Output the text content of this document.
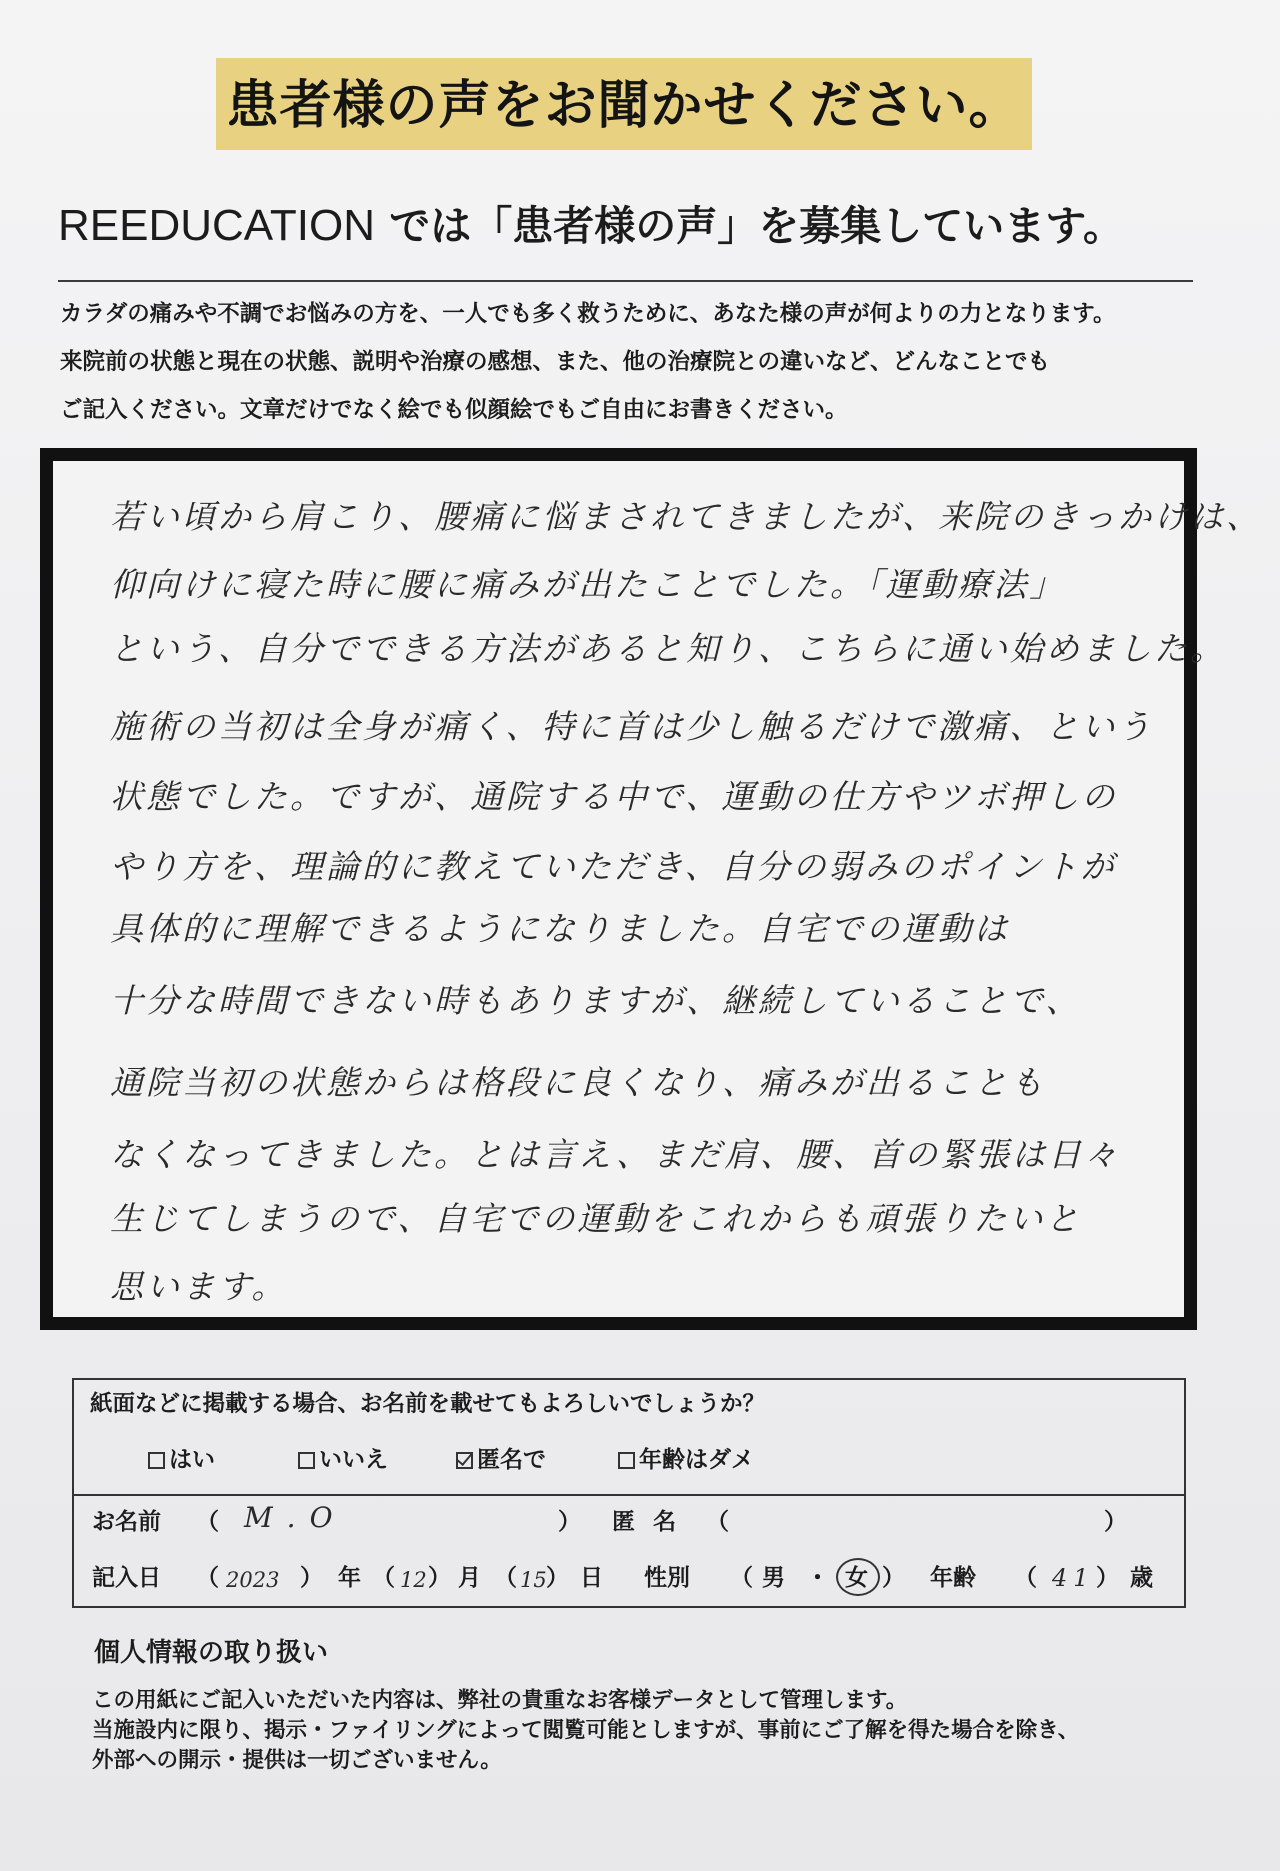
患者様の声をお聞かせください。
REEDUCATION では「患者様の声」を募集しています。
カラダの痛みや不調でお悩みの方を、一人でも多く救うために、あなた様の声が何よりの力となります。
来院前の状態と現在の状態、説明や治療の感想、また、他の治療院との違いなど、どんなことでも
ご記入ください。文章だけでなく絵でも似顔絵でもご自由にお書きください。
若い頃から肩こり、腰痛に悩まされてきましたが、来院のきっかけは、
仰向けに寝た時に腰に痛みが出たことでした。「運動療法」
という、自分でできる方法があると知り、こちらに通い始めました。
施術の当初は全身が痛く、特に首は少し触るだけで激痛、という
状態でした。ですが、通院する中で、運動の仕方やツボ押しの
やり方を、理論的に教えていただき、自分の弱みのポイントが
具体的に理解できるようになりました。自宅での運動は
十分な時間できない時もありますが、継続していることで、
通院当初の状態からは格段に良くなり、痛みが出ることも
なくなってきました。とは言え、まだ肩、腰、首の緊張は日々
生じてしまうので、自宅での運動をこれからも頑張りたいと
思います。
紙面などに掲載する場合、お名前を載せてもよろしいでしょうか？
はい	いいえ	匿名で	年齢はダメ
お名前 （ M.O	） 匿名 （	）
記入日 （ 2023 ） 年 （ 12 ） 月 （ 15 ） 日 性別 （ 男 ・ 女 ） 年齢 （ 41 ） 歳
個人情報の取り扱い
この用紙にご記入いただいた内容は、弊社の貴重なお客様データとして管理します。
当施設内に限り、掲示・ファイリングによって閲覧可能としますが、事前にご了解を得た場合を除き、
外部への開示・提供は一切ございません。
